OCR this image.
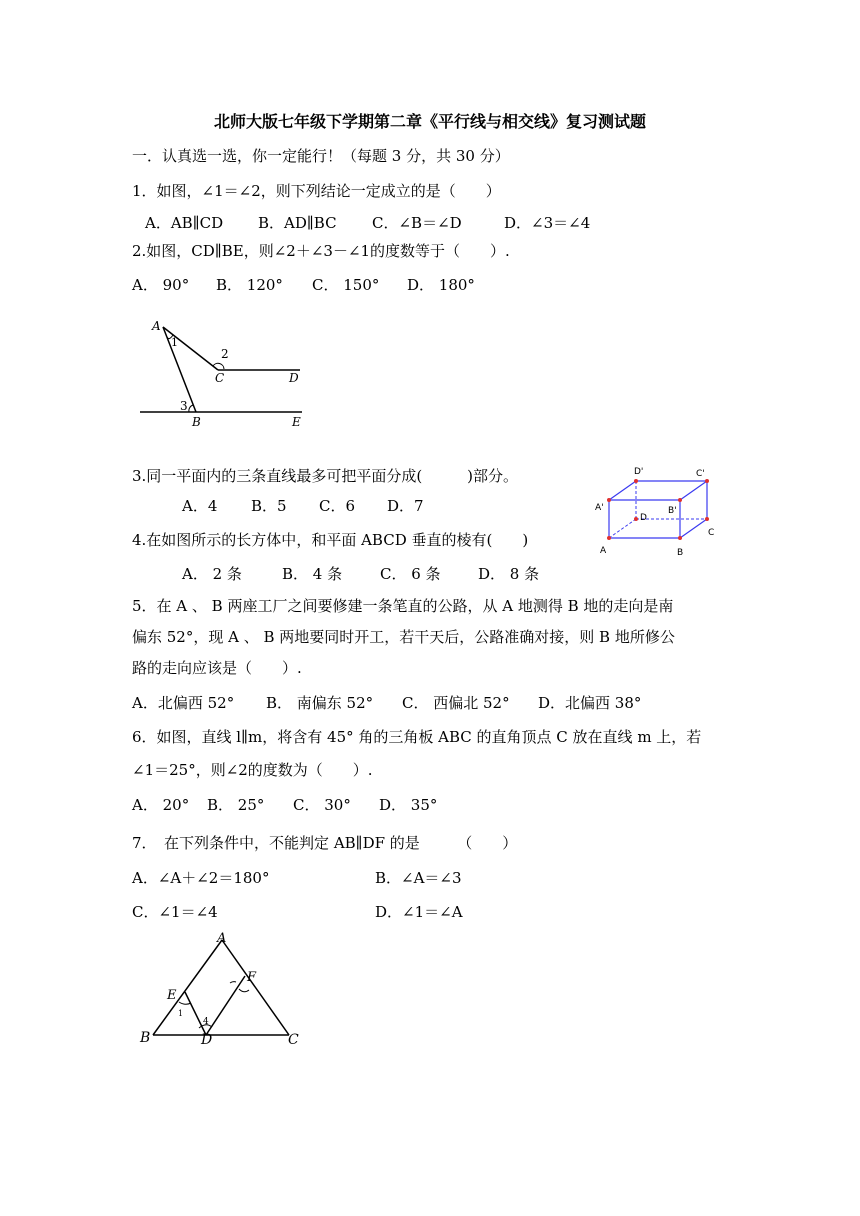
北师大版七年级下学期第二章《平行线与相交线》复习测试题
一．认真选一选，你一定能行！（每题 3 分，共 30 分）
1．如图，∠1＝∠2，则下列结论一定成立的是（　　）
A．AB∥CD B．AD∥BC C．∠B＝∠D	D．∠3＝∠4
2.如图，CD∥BE，则∠2＋∠3－∠1的度数等于（　　）.
A． 90° B． 120° C． 150° D． 180°
A
1
2
C	D
3
B	E
3.同一平面内的三条直线最多可把平面分成(　　　)部分。
A．4 B．5 C．6 D．7
D'	C'
A'
D
B'
C
A	B
4.在如图所示的长方体中，和平面 ABCD 垂直的棱有(　　)
A． 2 条	B． 4 条	C． 6 条 D． 8 条
5．在 A 、 B 两座工厂之间要修建一条笔直的公路，从 A 地测得 B 地的走向是南
偏东 52°，现 A 、 B 两地要同时开工，若干天后，公路准确对接，则 B 地所修公
路的走向应该是（　　）.
A．北偏西 52° B． 南偏东 52° C． 西偏北 52° D．北偏西 38°
6．如图，直线 l∥m，将含有 45° 角的三角板 ABC 的直角顶点 C 放在直线 m 上，若
∠1＝25°，则∠2的度数为（　　）.
A． 20° B． 25° C． 30° D． 35°
7．　在下列条件中，不能判定 AB∥DF 的是　　　（　　）
A．∠A＋∠2＝180°	B．∠A＝∠3
C．∠1＝∠4	D．∠1＝∠A
A
E
F
1
4
B	D	C
